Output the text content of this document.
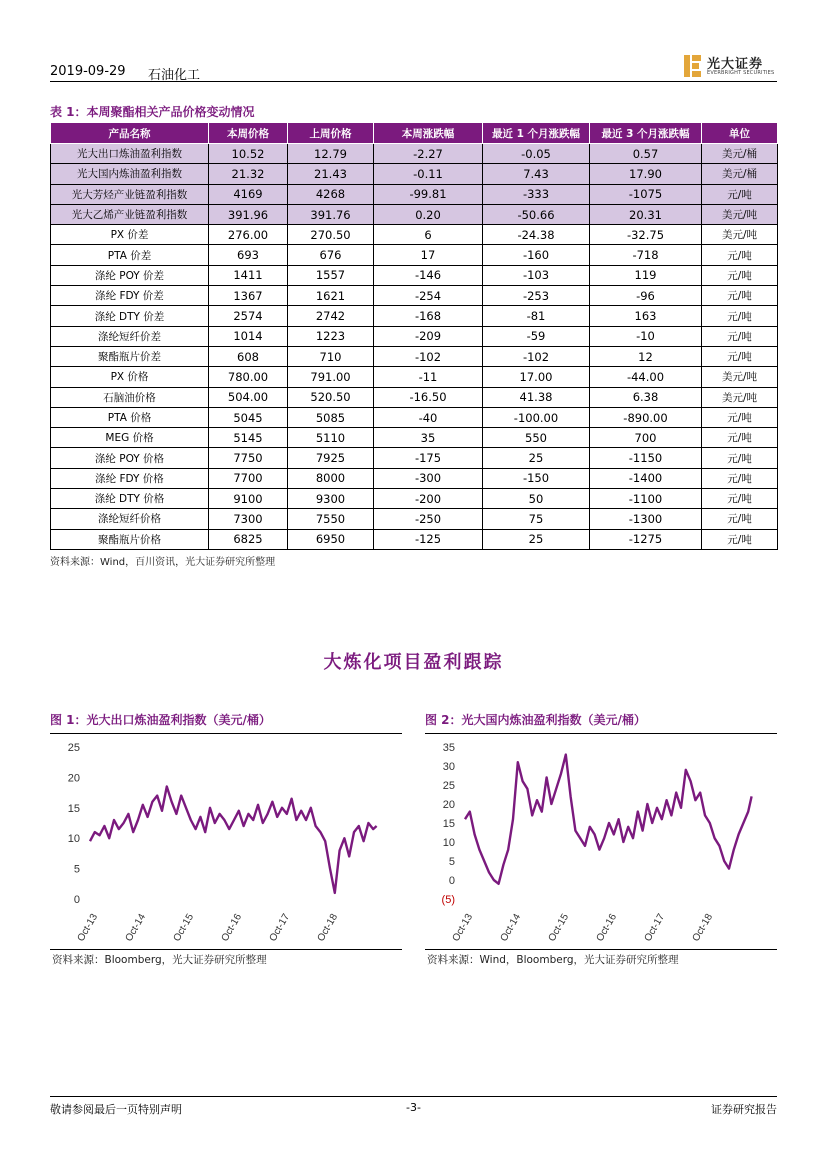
2019-09-29 石油化工
光大证券
EVERBRIGHT SECURITIES
表 1：本周聚酯相关产品价格变动情况
产品名称	本周价格	上周价格	本周涨跌幅	最近 1 个月涨跌幅	最近 3 个月涨跌幅	单位
光大出口炼油盈利指数	10.52	12.79	-2.27	-0.05	0.57	美元/桶
光大国内炼油盈利指数	21.32	21.43	-0.11	7.43	17.90	美元/桶
光大芳烃产业链盈利指数	4169	4268	-99.81	-333	-1075	元/吨
光大乙烯产业链盈利指数	391.96	391.76	0.20	-50.66	20.31	美元/吨
PX 价差	276.00	270.50	6	-24.38	-32.75	美元/吨
PTA 价差	693	676	17	-160	-718	元/吨
涤纶 POY 价差	1411	1557	-146	-103	119	元/吨
涤纶 FDY 价差	1367	1621	-254	-253	-96	元/吨
涤纶 DTY 价差	2574	2742	-168	-81	163	元/吨
涤纶短纤价差	1014	1223	-209	-59	-10	元/吨
聚酯瓶片价差	608	710	-102	-102	12	元/吨
PX 价格	780.00	791.00	-11	17.00	-44.00	美元/吨
石脑油价格	504.00	520.50	-16.50	41.38	6.38	美元/吨
PTA 价格	5045	5085	-40	-100.00	-890.00	元/吨
MEG 价格	5145	5110	35	550	700	元/吨
涤纶 POY 价格	7750	7925	-175	25	-1150	元/吨
涤纶 FDY 价格	7700	8000	-300	-150	-1400	元/吨
涤纶 DTY 价格	9100	9300	-200	50	-1100	元/吨
涤纶短纤价格	7300	7550	-250	75	-1300	元/吨
聚酯瓶片价格	6825	6950	-125	25	-1275	元/吨
资料来源：Wind，百川资讯，光大证券研究所整理
大炼化项目盈利跟踪
图 1：光大出口炼油盈利指数（美元/桶）
0
5
10
15
20
25
Oct-13 Oct-14 Oct-15 Oct-16 Oct-17 Oct-18
资料来源：Bloomberg，光大证券研究所整理
图 2：光大国内炼油盈利指数（美元/桶）
(5)
0
5
10
15
20
25
30
35
Oct-13 Oct-14 Oct-15 Oct-16 Oct-17 Oct-18
资料来源：Wind，Bloomberg，光大证券研究所整理
敬请参阅最后一页特别声明	-3-	证券研究报告
